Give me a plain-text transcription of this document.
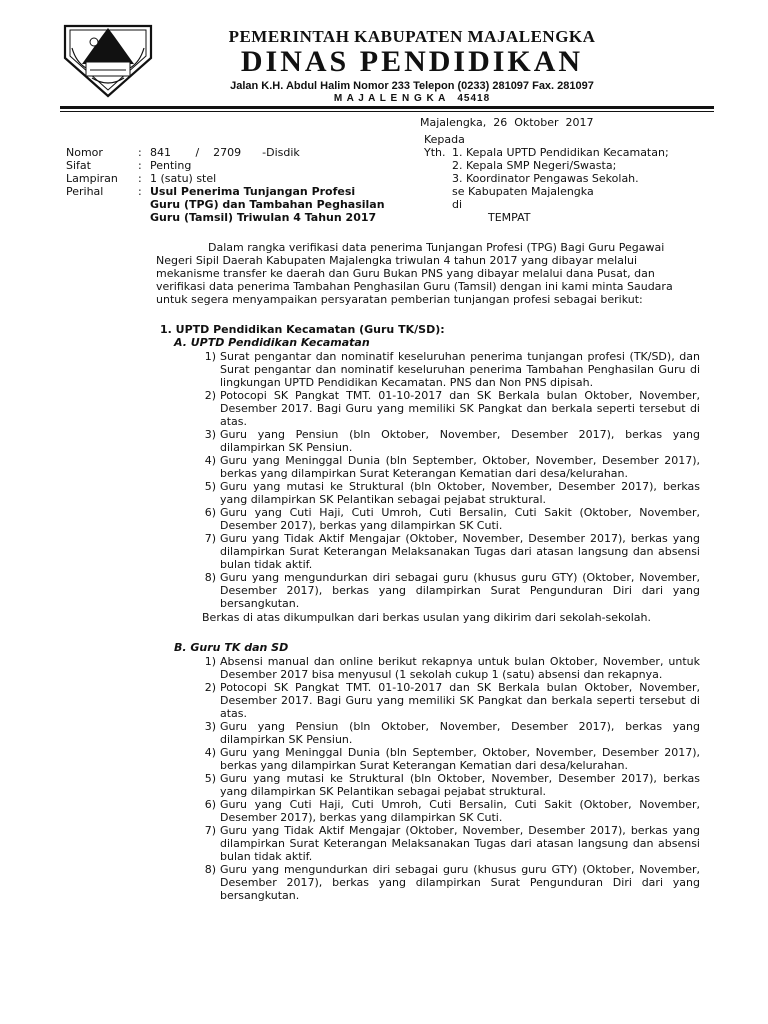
PEMERINTAH KABUPATEN MAJALENGKA
DINAS PENDIDIKAN
Jalan K.H. Abdul Halim Nomor 233 Telepon (0233) 281097 Fax. 281097
M A J A L E N G K A   45418
Majalengka,  26  Oktober  2017
Nomor	: 841       /    2709      -Disdik
Sifat	: Penting
Lampiran : 1 (satu) stel
Perihal	: Usul Penerima Tunjangan Profesi
Guru (TPG) dan Tambahan Peghasilan
Guru (Tamsil) Triwulan 4 Tahun 2017
Kepada
Yth. 1. Kepala UPTD Pendidikan Kecamatan;
2. Kepala SMP Negeri/Swasta;
3. Koordinator Pengawas Sekolah.
se Kabupaten Majalengka
di
TEMPAT
Dalam rangka verifikasi data penerima Tunjangan Profesi (TPG) Bagi Guru Pegawai
Negeri Sipil Daerah Kabupaten Majalengka triwulan 4 tahun 2017 yang dibayar melalui
mekanisme transfer ke daerah dan Guru Bukan PNS yang dibayar melalui dana Pusat, dan
verifikasi data penerima Tambahan Penghasilan Guru (Tamsil) dengan ini kami minta Saudara
untuk segera menyampaikan persyaratan pemberian tunjangan profesi sebagai berikut:
1. UPTD Pendidikan Kecamatan (Guru TK/SD):
A. UPTD Pendidikan Kecamatan
1) Surat pengantar dan nominatif keseluruhan penerima tunjangan profesi (TK/SD), dan Surat pengantar dan nominatif keseluruhan penerima Tambahan Penghasilan Guru di lingkungan UPTD Pendidikan Kecamatan. PNS dan Non PNS dipisah.
2) Potocopi SK Pangkat TMT. 01-10-2017 dan SK Berkala bulan Oktober, November, Desember 2017. Bagi Guru yang memiliki SK Pangkat dan berkala seperti tersebut di atas.
3) Guru yang Pensiun (bln Oktober, November, Desember 2017), berkas yang dilampirkan SK Pensiun.
4) Guru yang Meninggal Dunia (bln September, Oktober, November, Desember 2017), berkas yang dilampirkan Surat Keterangan Kematian dari desa/kelurahan.
5) Guru yang mutasi ke Struktural (bln Oktober, November, Desember 2017), berkas yang dilampirkan SK Pelantikan sebagai pejabat struktural.
6) Guru yang Cuti Haji, Cuti Umroh, Cuti Bersalin, Cuti Sakit (Oktober, November, Desember 2017), berkas yang dilampirkan SK Cuti.
7) Guru yang Tidak Aktif Mengajar (Oktober, November, Desember 2017), berkas yang dilampirkan Surat Keterangan Melaksanakan Tugas dari atasan langsung dan absensi bulan tidak aktif.
8) Guru yang mengundurkan diri sebagai guru (khusus guru GTY) (Oktober, November, Desember 2017), berkas yang dilampirkan Surat Pengunduran Diri dari yang bersangkutan.
Berkas di atas dikumpulkan dari berkas usulan yang dikirim dari sekolah-sekolah.
B. Guru TK dan SD
1) Absensi manual dan online berikut rekapnya untuk bulan Oktober, November, untuk Desember 2017 bisa menyusul (1 sekolah cukup 1 (satu) absensi dan rekapnya.
2) Potocopi SK Pangkat TMT. 01-10-2017 dan SK Berkala bulan Oktober, November, Desember 2017. Bagi Guru yang memiliki SK Pangkat dan berkala seperti tersebut di atas.
3) Guru yang Pensiun (bln Oktober, November, Desember 2017), berkas yang dilampirkan SK Pensiun.
4) Guru yang Meninggal Dunia (bln September, Oktober, November, Desember 2017), berkas yang dilampirkan Surat Keterangan Kematian dari desa/kelurahan.
5) Guru yang mutasi ke Struktural (bln Oktober, November, Desember 2017), berkas yang dilampirkan SK Pelantikan sebagai pejabat struktural.
6) Guru yang Cuti Haji, Cuti Umroh, Cuti Bersalin, Cuti Sakit (Oktober, November, Desember 2017), berkas yang dilampirkan SK Cuti.
7) Guru yang Tidak Aktif Mengajar (Oktober, November, Desember 2017), berkas yang dilampirkan Surat Keterangan Melaksanakan Tugas dari atasan langsung dan absensi bulan tidak aktif.
8) Guru yang mengundurkan diri sebagai guru (khusus guru GTY) (Oktober, November, Desember 2017), berkas yang dilampirkan Surat Pengunduran Diri dari yang bersangkutan.
